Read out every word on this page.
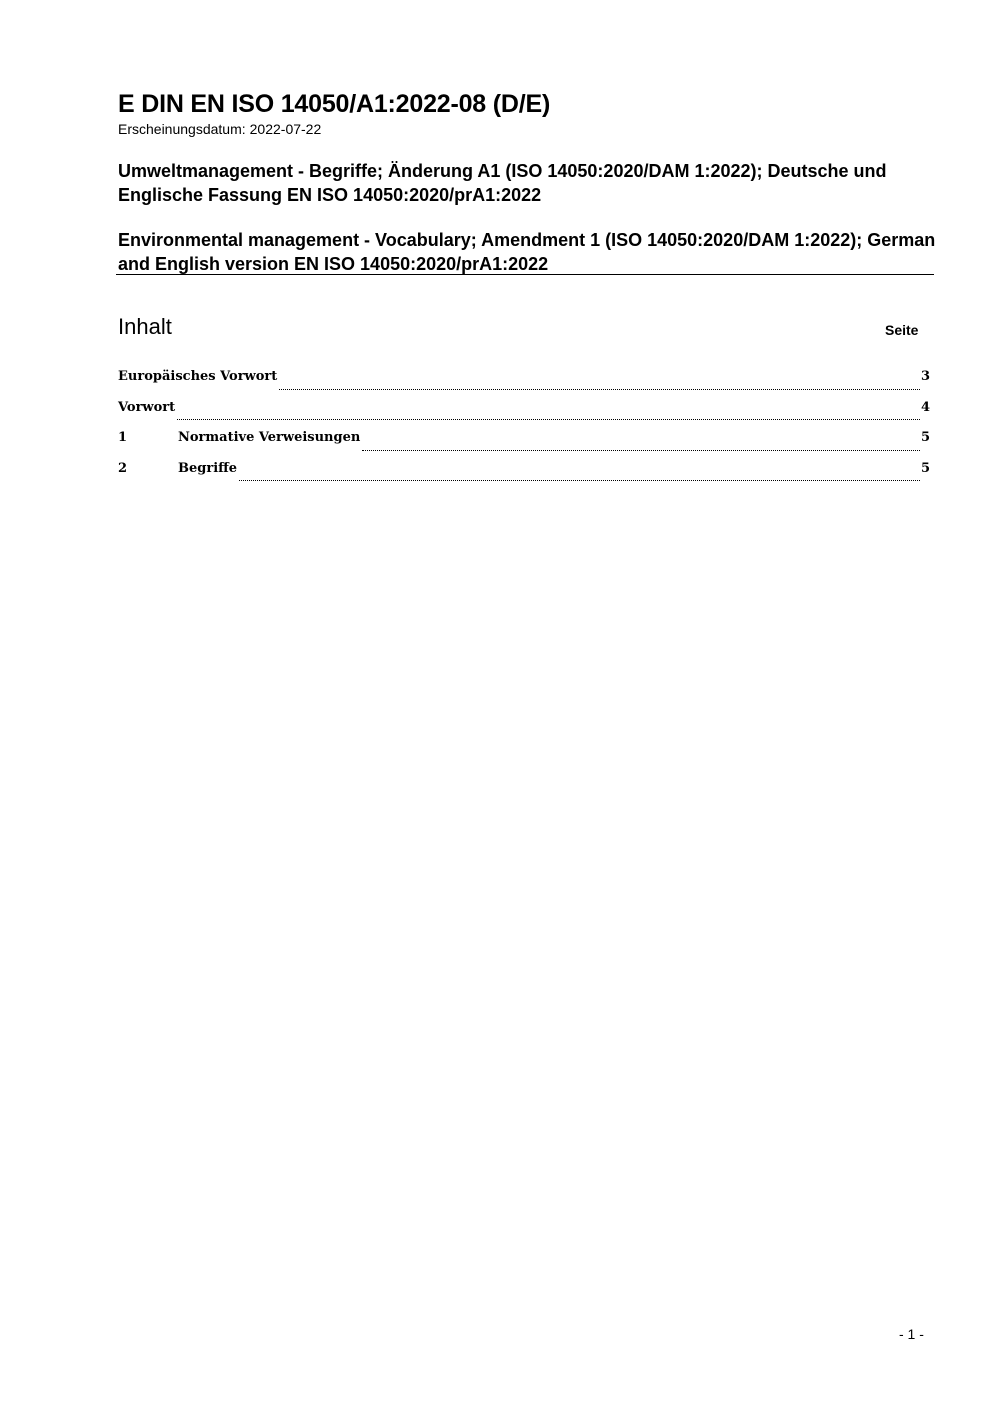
E DIN EN ISO 14050/A1:2022-08 (D/E)
Erscheinungsdatum: 2022-07-22
Umweltmanagement - Begriffe; Änderung A1 (ISO 14050:2020/DAM 1:2022); Deutsche und Englische Fassung EN ISO 14050:2020/prA1:2022
Environmental management - Vocabulary; Amendment 1 (ISO 14050:2020/DAM 1:2022); German and English version EN ISO 14050:2020/prA1:2022
Inhalt	Seite
Europäisches Vorwort	3
Vorwort	4
1	Normative Verweisungen	5
2	Begriffe	5
- 1 -
